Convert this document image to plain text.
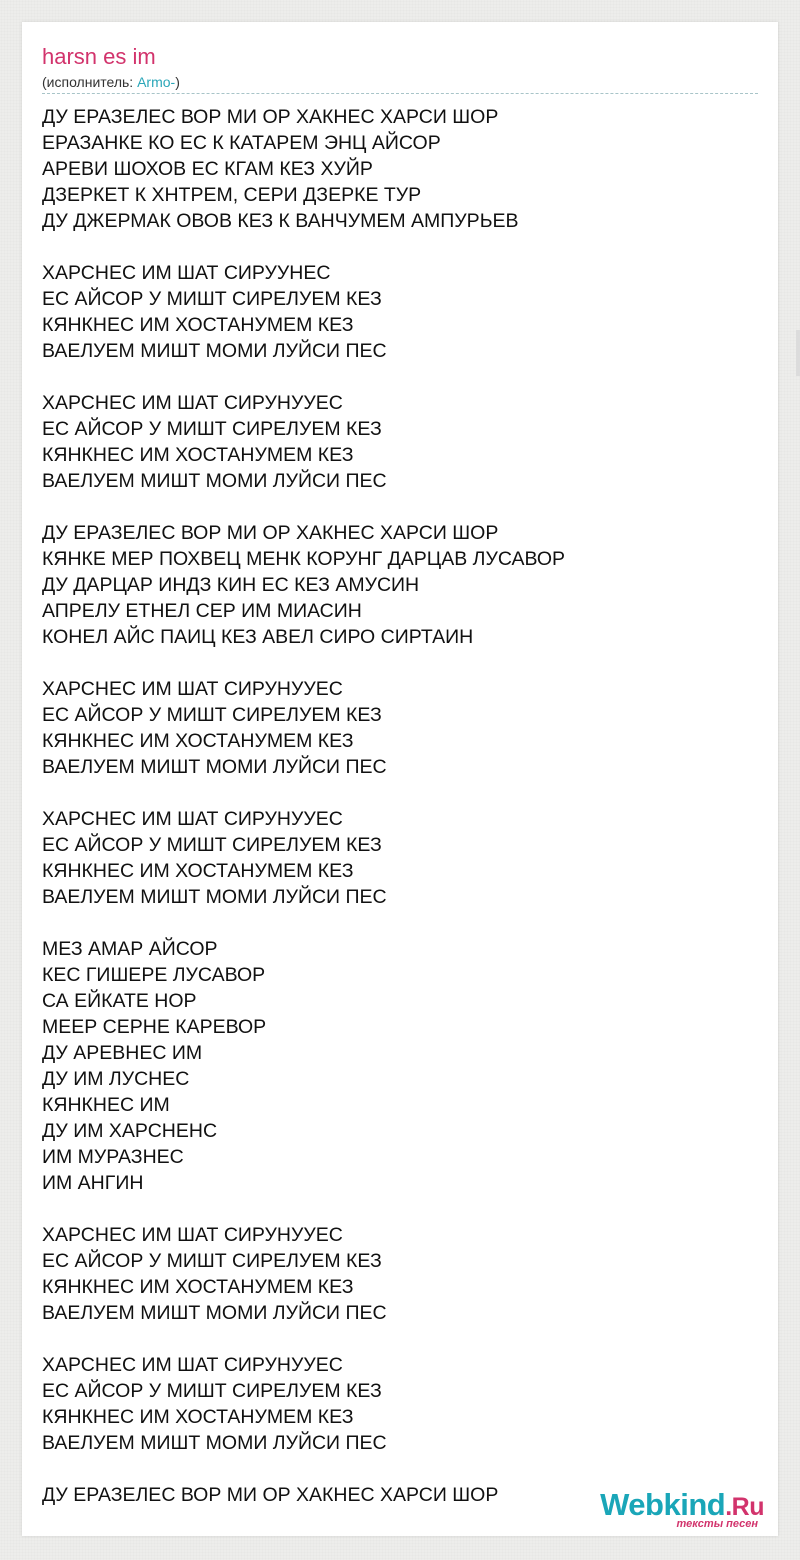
harsn es im
(исполнитель: Armo-)
ДУ ЕРАЗЕЛЕС ВОР МИ ОР ХАКНЕС ХАРСИ ШОР
ЕРАЗАНКЕ КО ЕС К КАТАРЕМ ЭНЦ АЙСОР
АРЕВИ ШОХОВ ЕС КГАМ КЕЗ ХУЙР
ДЗЕРКЕТ К ХНТРЕМ, СЕРИ ДЗЕРКЕ ТУР
ДУ ДЖЕРМАК ОВОВ КЕЗ К ВАНЧУМЕМ АМПУРЬЕВ
ХАРСНЕС ИМ ШАТ СИРУУНЕС
ЕС АЙСОР У МИШТ СИРЕЛУЕМ КЕЗ
КЯНКНЕС ИМ ХОСТАНУМЕМ КЕЗ
ВАЕЛУЕМ МИШТ МОМИ ЛУЙСИ ПЕС
ХАРСНЕС ИМ ШАТ СИРУНУУЕС
ЕС АЙСОР У МИШТ СИРЕЛУЕМ КЕЗ
КЯНКНЕС ИМ ХОСТАНУМЕМ КЕЗ
ВАЕЛУЕМ МИШТ МОМИ ЛУЙСИ ПЕС
ДУ ЕРАЗЕЛЕС ВОР МИ ОР ХАКНЕС ХАРСИ ШОР
КЯНКЕ МЕР ПОХВЕЦ МЕНК КОРУНГ ДАРЦАВ ЛУСАВОР
ДУ ДАРЦАР ИНДЗ КИН ЕС КЕЗ АМУСИН
АПРЕЛУ ЕТНЕЛ СЕР ИМ МИАСИН
КОНЕЛ АЙС ПАИЦ КЕЗ АВЕЛ СИРО СИРТАИН
ХАРСНЕС ИМ ШАТ СИРУНУУЕС
ЕС АЙСОР У МИШТ СИРЕЛУЕМ КЕЗ
КЯНКНЕС ИМ ХОСТАНУМЕМ КЕЗ
ВАЕЛУЕМ МИШТ МОМИ ЛУЙСИ ПЕС
ХАРСНЕС ИМ ШАТ СИРУНУУЕС
ЕС АЙСОР У МИШТ СИРЕЛУЕМ КЕЗ
КЯНКНЕС ИМ ХОСТАНУМЕМ КЕЗ
ВАЕЛУЕМ МИШТ МОМИ ЛУЙСИ ПЕС
МЕЗ АМАР АЙСОР
КЕС ГИШЕРЕ ЛУСАВОР
СА ЕЙКАТЕ НОР
МЕЕР СЕРНЕ КАРЕВОР
ДУ АРЕВНЕС ИМ
ДУ ИМ ЛУСНЕС
КЯНКНЕС ИМ
ДУ ИМ ХАРСНЕНС
ИМ МУРАЗНЕС
ИМ АНГИН
ХАРСНЕС ИМ ШАТ СИРУНУУЕС
ЕС АЙСОР У МИШТ СИРЕЛУЕМ КЕЗ
КЯНКНЕС ИМ ХОСТАНУМЕМ КЕЗ
ВАЕЛУЕМ МИШТ МОМИ ЛУЙСИ ПЕС
ХАРСНЕС ИМ ШАТ СИРУНУУЕС
ЕС АЙСОР У МИШТ СИРЕЛУЕМ КЕЗ
КЯНКНЕС ИМ ХОСТАНУМЕМ КЕЗ
ВАЕЛУЕМ МИШТ МОМИ ЛУЙСИ ПЕС
ДУ ЕРАЗЕЛЕС ВОР МИ ОР ХАКНЕС ХАРСИ ШОР	Webkind.Ru
тексты песен
